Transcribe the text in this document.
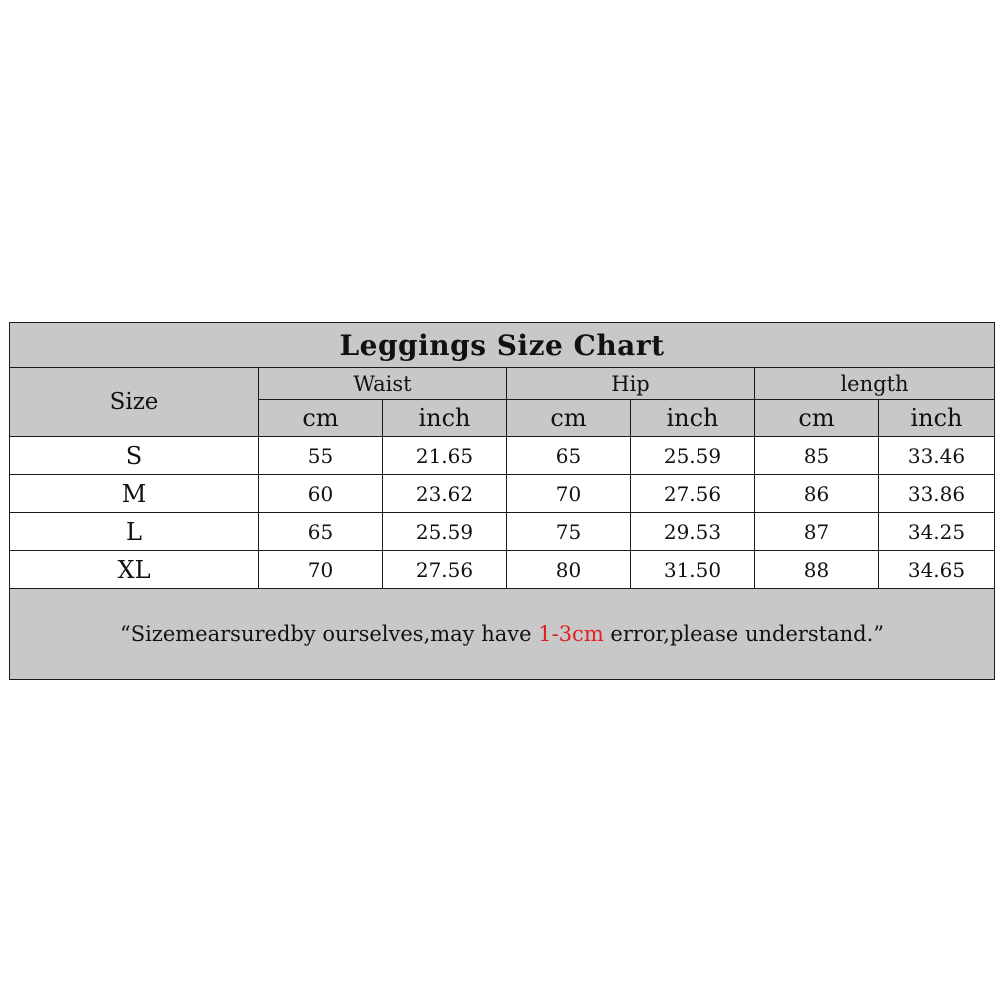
Leggings Size Chart						
Size	Waist		Hip		length	
	cm	inch	cm	inch	cm	inch
S	55	21.65	65	25.59	85	33.46
M	60	23.62	70	27.56	86	33.86
L	65	25.59	75	29.53	87	34.25
XL	70	27.56	80	31.50	88	34.65
“Sizemearsuredby ourselves,may have 1-3cm error,please understand.”						
